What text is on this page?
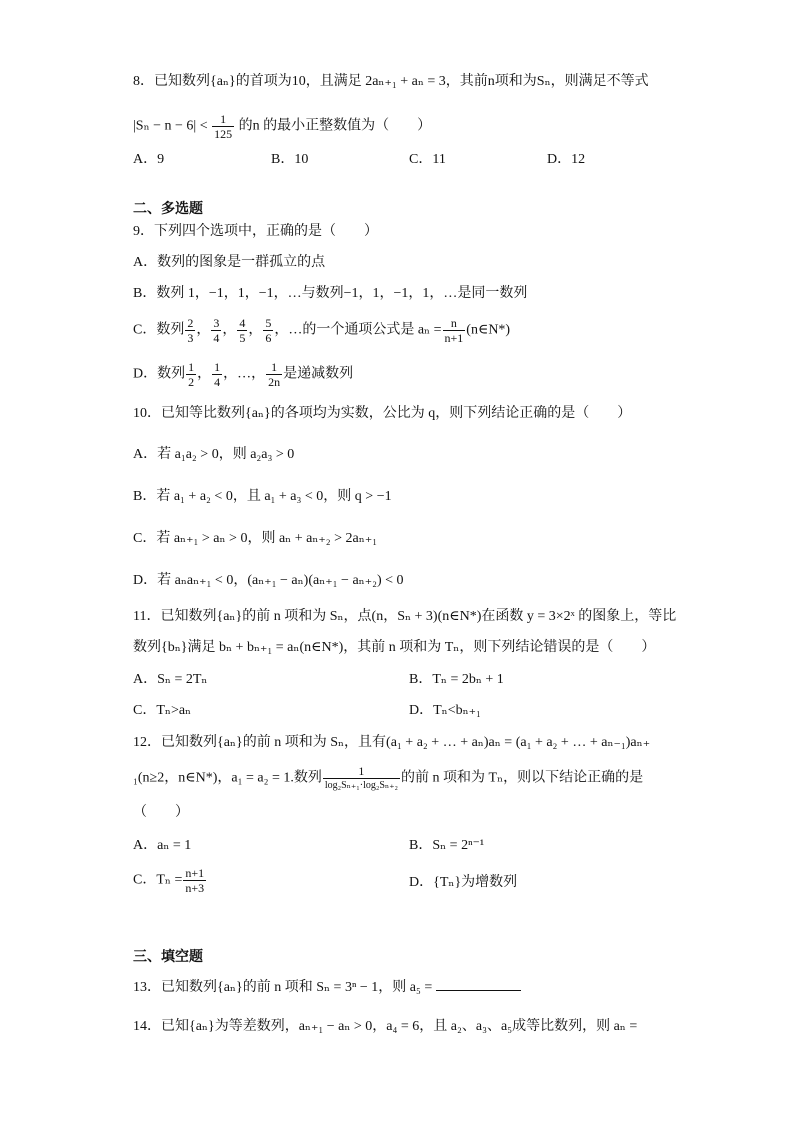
8．已知数列{aₙ}的首项为10，且满足 2aₙ₊₁ + aₙ = 3，其前n项和为Sₙ，则满足不等式
$|S_n - n - 6| < \frac{1}{125}$ 的n 的最小正整数值为（　　）
A．9	B．10	C．11	D．12
二、多选题
9．下列四个选项中，正确的是（　　）
A．数列的图象是一群孤立的点
B．数列 1，−1，1，−1，…与数列−1，1，−1，1，…是同一数列
C．数列 $\frac{2}{3}$ ， $\frac{3}{4}$ ， $\frac{4}{5}$ ， $\frac{5}{6}$ ，…的一个通项公式是 $a_n = \frac{n}{n+1}$ (n∈N*)
D．数列 $\frac{1}{2}$ ， $\frac{1}{4}$ ，…， $\frac{1}{2n}$ 是递减数列
10．已知等比数列{aₙ}的各项均为实数，公比为 q，则下列结论正确的是（　　）
A．若 a₁a₂ > 0，则 a₂a₃ > 0
B．若 a₁ + a₂ < 0，且 a₁ + a₃ < 0，则 q > −1
C．若 aₙ₊₁ > aₙ > 0，则 aₙ + aₙ₊₂ > 2aₙ₊₁
D．若 aₙaₙ₊₁ < 0，(aₙ₊₁ − aₙ)(aₙ₊₁ − aₙ₊₂) < 0
11．已知数列{aₙ}的前 n 项和为 Sₙ，点(n，Sₙ + 3)(n∈N*)在函数 y = 3×2ˣ 的图象上，等比
数列{bₙ}满足 bₙ + bₙ₊₁ = aₙ(n∈N*)，其前 n 项和为 Tₙ，则下列结论错误的是（　　）
A．Sₙ = 2Tₙ	B．Tₙ = 2bₙ + 1
C．Tₙ>aₙ	D．Tₙ<bₙ₊₁
12．已知数列{aₙ}的前 n 项和为 Sₙ，且有(a₁ + a₂ + … + aₙ)aₙ = (a₁ + a₂ + … + aₙ₋₁)aₙ₊
₁(n≥2，n∈N*)，a₁ = a₂ = 1.数列 $\frac{1}{\text{log₂Sₙ₊₁·log₂Sₙ₊₂}}$ 的前 n 项和为 Tₙ，则以下结论正确的是
（　　）
A．aₙ = 1	B．Sₙ = 2ⁿ⁻¹
C．$T_n = \frac{n+1}{n+3}$	D．{Tₙ}为增数列
三、填空题
13．已知数列{aₙ}的前 n 项和 Sₙ = 3ⁿ − 1，则 a₅ =
14．已知{aₙ}为等差数列，aₙ₊₁ − aₙ > 0，a₄ = 6，且 a₂、a₃、a₅成等比数列，则 aₙ =
